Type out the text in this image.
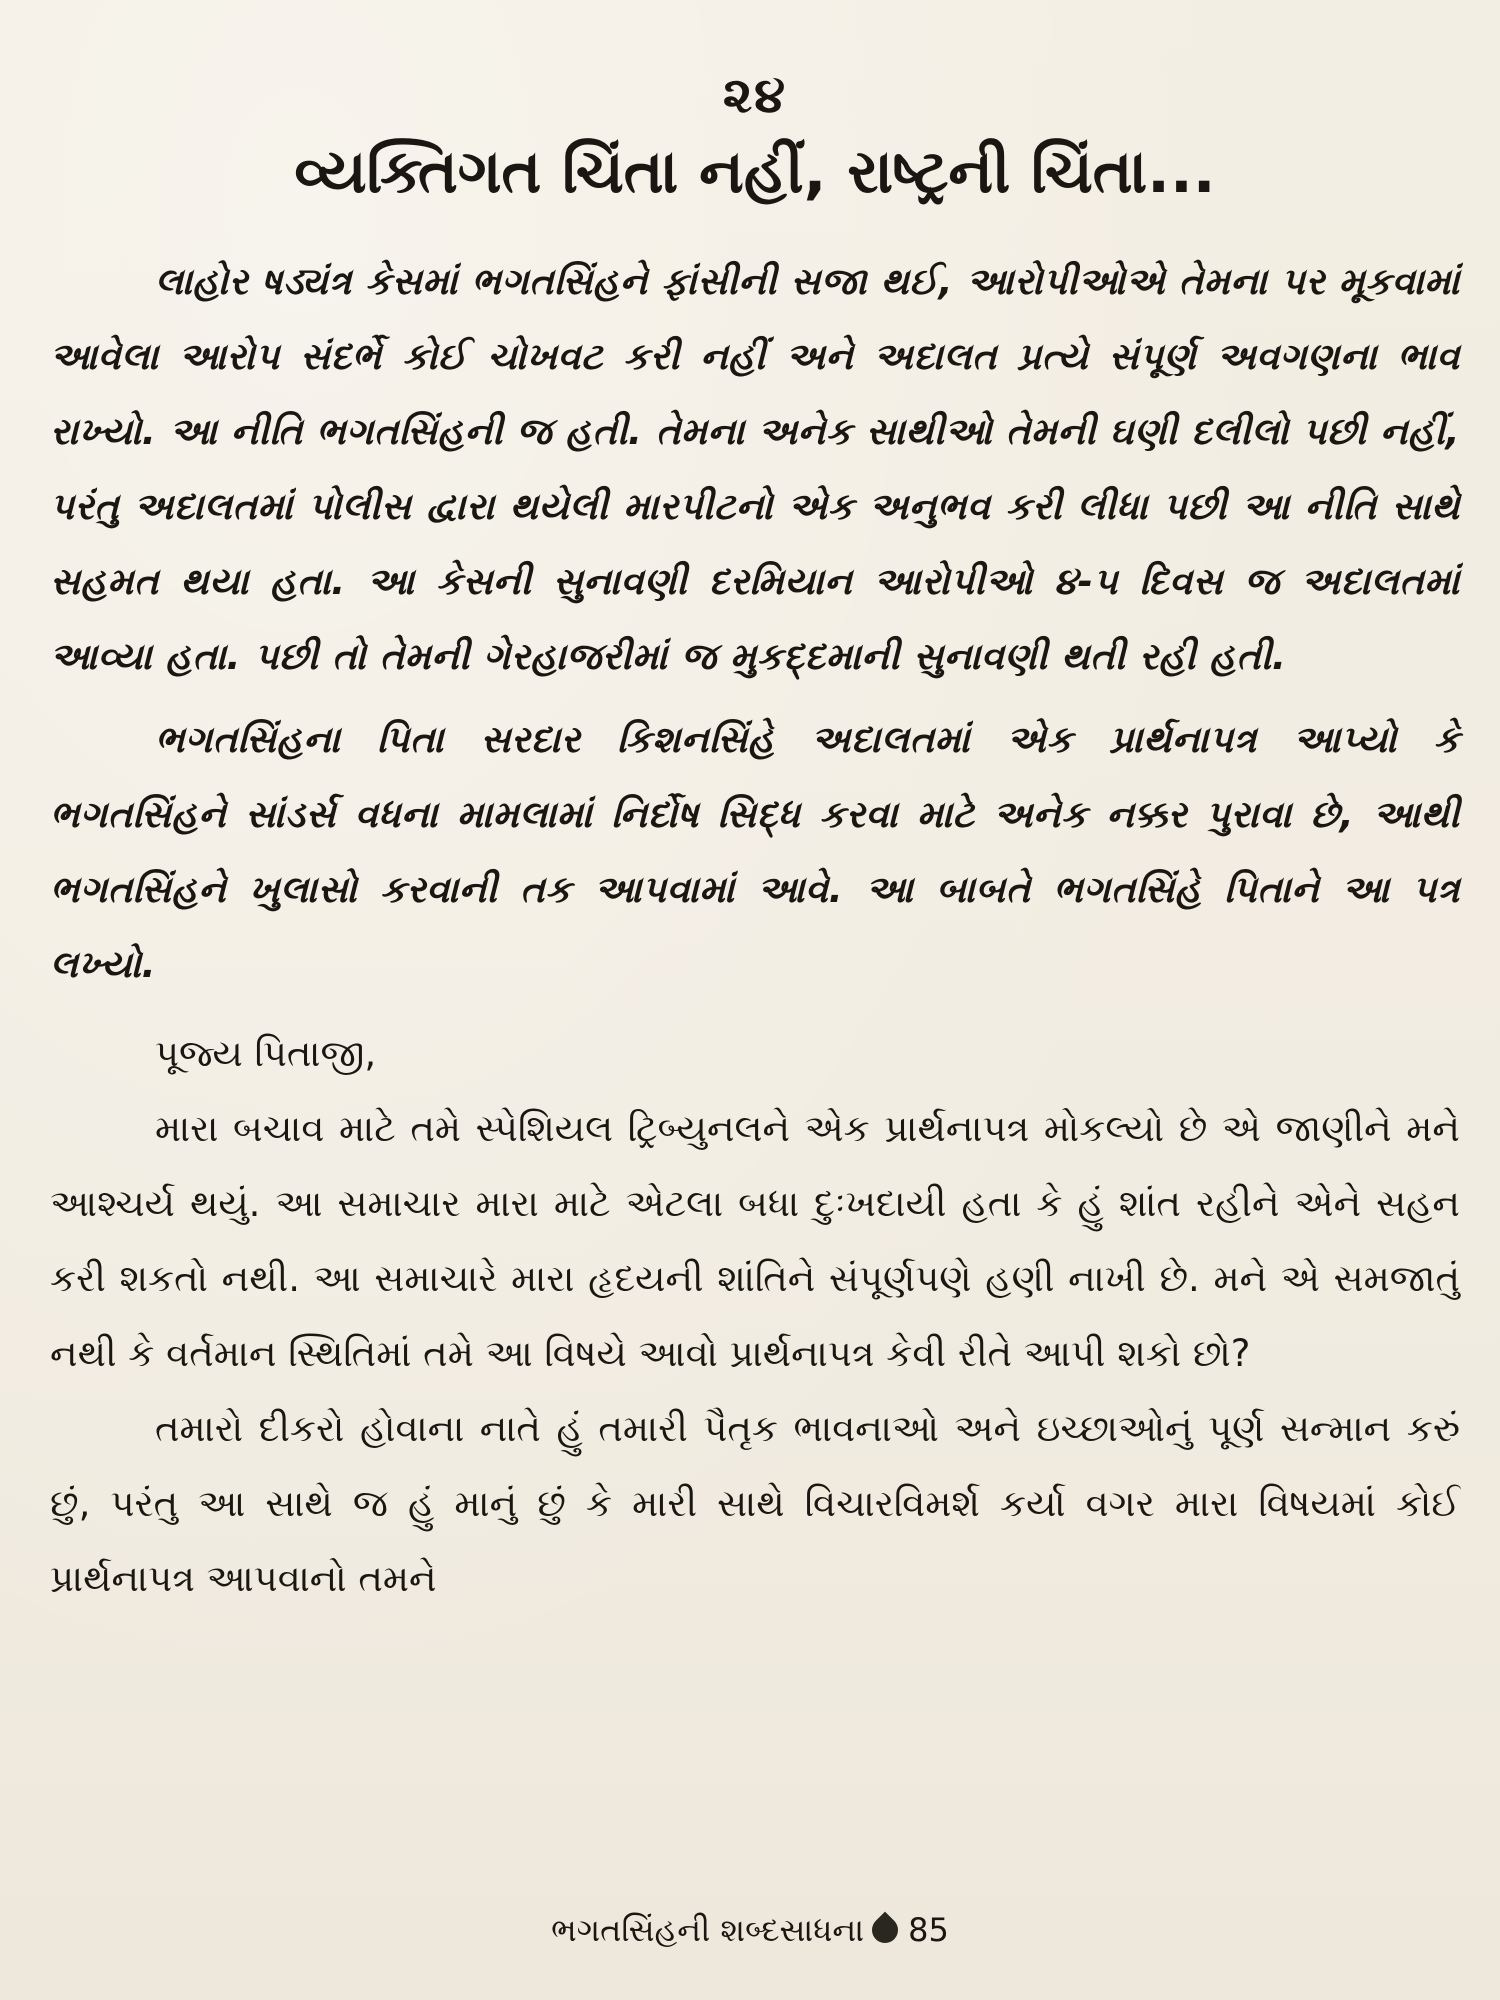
૨૪
વ્યક્તિગત ચિંતા નહીં, રાષ્ટ્રની ચિંતા...

લાહોર ષડ્યંત્ર કેસમાં ભગતસિંહને ફાંસીની સજા થઈ, આરોપીઓએ તેમના પર મૂકવામાં આવેલા આરોપ સંદર્ભે કોઈ ચોખવટ કરી નહીં અને અદાલત પ્રત્યે સંપૂર્ણ અવગણના ભાવ રાખ્યો. આ નીતિ ભગતસિંહની જ હતી. તેમના અનેક સાથીઓ તેમની ઘણી દલીલો પછી નહીં, પરંતુ અદાલતમાં પોલીસ દ્વારા થયેલી મારપીટનો એક અનુભવ કરી લીધા પછી આ નીતિ સાથે સહમત થયા હતા. આ કેસની સુનાવણી દરમિયાન આરોપીઓ ૪-૫ દિવસ જ અદાલતમાં આવ્યા હતા. પછી તો તેમની ગેરહાજરીમાં જ મુકદ્દમાની સુનાવણી થતી રહી હતી.

ભગતસિંહના પિતા સરદાર કિશનસિંહે અદાલતમાં એક પ્રાર્થનાપત્ર આપ્યો કે ભગતસિંહને સાંડર્સ વધના મામલામાં નિર્દોષ સિદ્ધ કરવા માટે અનેક નક્કર પુરાવા છે, આથી ભગતસિંહને ખુલાસો કરવાની તક આપવામાં આવે. આ બાબતે ભગતસિંહે પિતાને આ પત્ર લખ્યો.

પૂજ્ય પિતાજી,

મારા બચાવ માટે તમે સ્પેશિયલ ટ્રિબ્યુનલને એક પ્રાર્થનાપત્ર મોકલ્યો છે એ જાણીને મને આશ્ચર્ય થયું. આ સમાચાર મારા માટે એટલા બધા દુઃખદાયી હતા કે હું શાંત રહીને એને સહન કરી શકતો નથી. આ સમાચારે મારા હૃદયની શાંતિને સંપૂર્ણપણે હણી નાખી છે. મને એ સમજાતું નથી કે વર્તમાન સ્થિતિમાં તમે આ વિષયે આવો પ્રાર્થનાપત્ર કેવી રીતે આપી શકો છો?

તમારો દીકરો હોવાના નાતે હું તમારી પૈતૃક ભાવનાઓ અને ઇચ્છાઓનું પૂર્ણ સન્માન કરું છું, પરંતુ આ સાથે જ હું માનું છું કે મારી સાથે વિચારવિમર્શ કર્યા વગર મારા વિષયમાં કોઈ પ્રાર્થનાપત્ર આપવાનો તમને

ભગતસિંહની શબ્દસાધના 85
